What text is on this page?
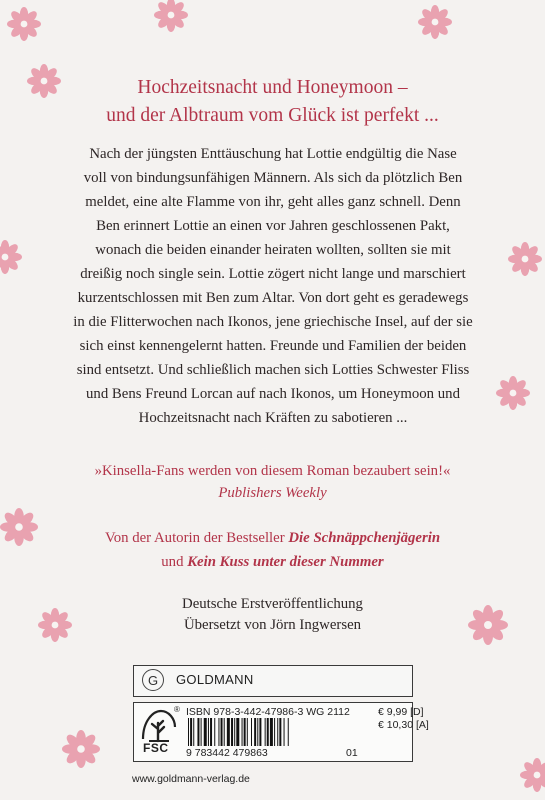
Hochzeitsnacht und Honeymoon –
und der Albtraum vom Glück ist perfekt ...
Nach der jüngsten Enttäuschung hat Lottie endgültig die Nase
voll von bindungsunfähigen Männern. Als sich da plötzlich Ben
meldet, eine alte Flamme von ihr, geht alles ganz schnell. Denn
Ben erinnert Lottie an einen vor Jahren geschlossenen Pakt,
wonach die beiden einander heiraten wollten, sollten sie mit
dreißig noch single sein. Lottie zögert nicht lange und marschiert
kurzentschlossen mit Ben zum Altar. Von dort geht es geradewegs
in die Flitterwochen nach Ikonos, jene griechische Insel, auf der sie
sich einst kennengelernt hatten. Freunde und Familien der beiden
sind entsetzt. Und schließlich machen sich Lotties Schwester Fliss
und Bens Freund Lorcan auf nach Ikonos, um Honeymoon und
Hochzeitsnacht nach Kräften zu sabotieren ...
»Kinsella-Fans werden von diesem Roman bezaubert sein!«
Publishers Weekly
Von der Autorin der Bestseller Die Schnäppchenjägerin
und Kein Kuss unter dieser Nummer
Deutsche Erstveröffentlichung
Übersetzt von Jörn Ingwersen
G	GOLDMANN
FSC
® ISBN 978-3-442-47986-3 WG 2112
9 783442 479863	01
€ 9,99 [D]
€ 10,30 [A]
www.goldmann-verlag.de
